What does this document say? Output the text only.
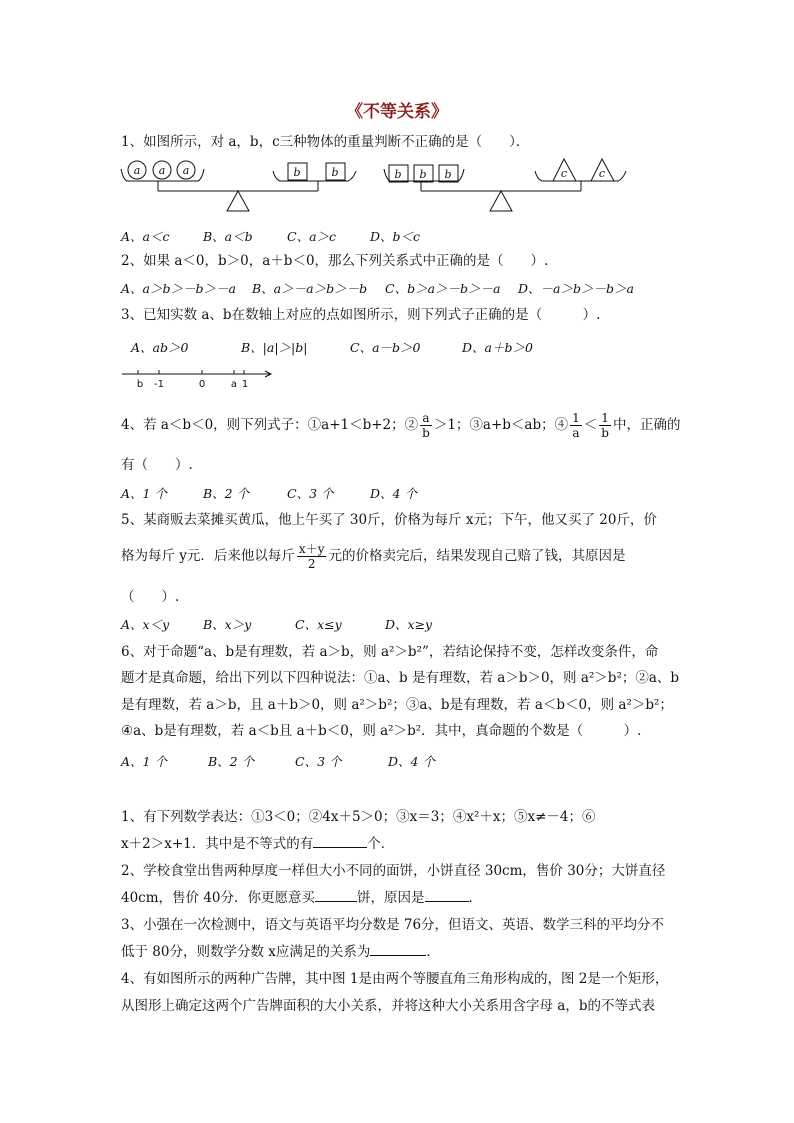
《不等关系》
1、如图所示，对 a，b，c三种物体的重量判断不正确的是（　　）．
a a a	b	b	b b b	c	c
A、a＜c	B、a＜b	C、a＞c	D、b＜c
2、如果 a＜0，b＞0，a＋b＜0，那么下列关系式中正确的是（　　）.
A、a＞b＞－b＞－a B、a＞－a＞b＞－b C、b＞a＞－b＞－a D、－a＞b＞－b＞a
3、已知实数 a、b在数轴上对应的点如图所示，则下列式子正确的是（　　　）.
A、ab＞0	B、|a|＞|b|	C、a－b＞0	D、a＋b＞0
b -1	0	a 1
4、若 a＜b＜0，则下列式子：①a+1＜b+2；② $\frac{a}{b} >1$；③a+b＜ab；④ $\frac{1}{a} < \frac{1}{b}$ 中，正确的
有（　　）.
A、1 个	B、2 个	C、3 个	D、4 个
5、某商贩去菜摊买黄瓜，他上午买了 30斤，价格为每斤 x元；下午，他又买了 20斤，价
格为每斤 y元．后来他以每斤 $\frac{x+y}{2}$ 元的价格卖完后，结果发现自己赔了钱，其原因是
（　　）.
A、x＜y	B、x＞y	C、x≤y	D、x≥y
6、对于命题“a、b是有理数，若 a＞b，则 a²＞b²”，若结论保持不变，怎样改变条件，命
题才是真命题，给出下列以下四种说法：①a、b 是有理数，若 a＞b＞0，则 a²＞b²；②a、b
是有理数，若 a＞b，且 a＋b＞0，则 a²＞b²；③a、b是有理数，若 a＜b＜0，则 a²＞b²；
④a、b是有理数，若 a＜b且 a＋b＜0，则 a²＞b²．其中，真命题的个数是（　　　）.
A、1 个	B、2 个	C、3 个	D、4 个
1、有下列数学表达：①3＜0；②4x＋5＞0；③x＝3；④x²＋x；⑤x≠－4；⑥
x＋2＞x+1．其中是不等式的有	个．
2、学校食堂出售两种厚度一样但大小不同的面饼，小饼直径 30cm，售价 30分；大饼直径
40cm，售价 40分．你更愿意买	饼，原因是	．
3、小强在一次检测中，语文与英语平均分数是 76分，但语文、英语、数学三科的平均分不
低于 80分，则数学分数 x应满足的关系为	．
4、有如图所示的两种广告牌，其中图 1是由两个等腰直角三角形构成的，图 2是一个矩形，
从图形上确定这两个广告牌面积的大小关系，并将这种大小关系用含字母 a，b的不等式表
